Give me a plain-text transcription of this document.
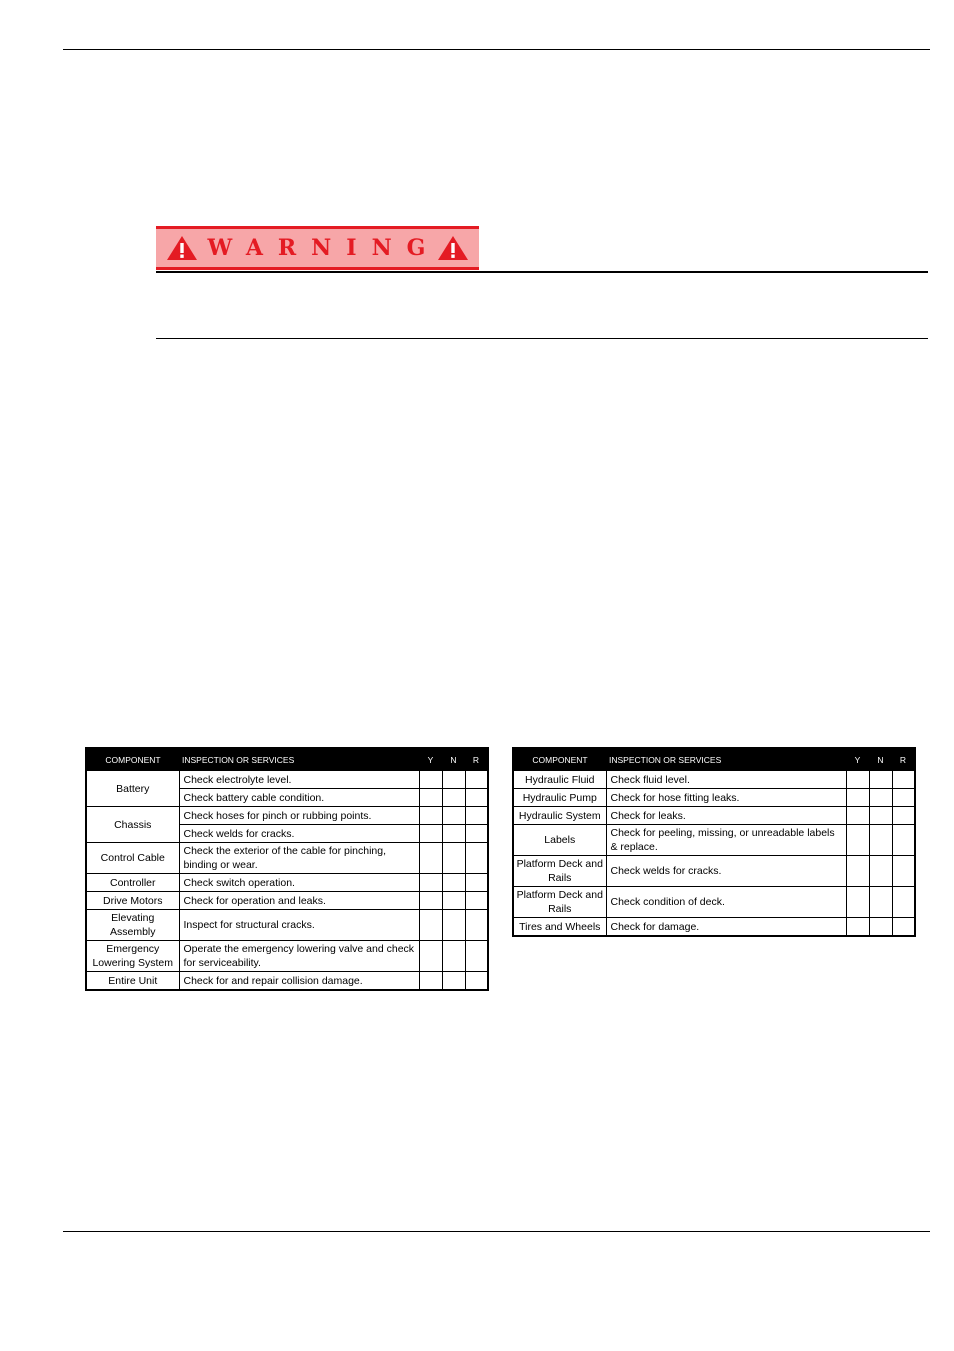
WARNING
COMPONENT	INSPECTION OR SERVICES	Y	N	R
Battery	Check electrolyte level.			
	Check battery cable condition.			
Chassis	Check hoses for pinch or rubbing points.			
	Check welds for cracks.			
Control Cable	Check the exterior of the cable for pinching, binding or wear.			
Controller	Check switch operation.			
Drive Motors	Check for operation and leaks.			
Elevating Assembly	Inspect for structural cracks.			
Emergency Lowering System	Operate the emergency lowering valve and check for serviceability.			
Entire Unit	Check for and repair collision damage.			
COMPONENT	INSPECTION OR SERVICES	Y	N	R
Hydraulic Fluid	Check fluid level.			
Hydraulic Pump	Check for hose fitting leaks.			
Hydraulic System	Check for leaks.			
Labels	Check for peeling, missing, or unreadable labels & replace.			
Platform Deck and Rails	Check welds for cracks.			
Platform Deck and Rails	Check condition of deck.			
Tires and Wheels	Check for damage.			
